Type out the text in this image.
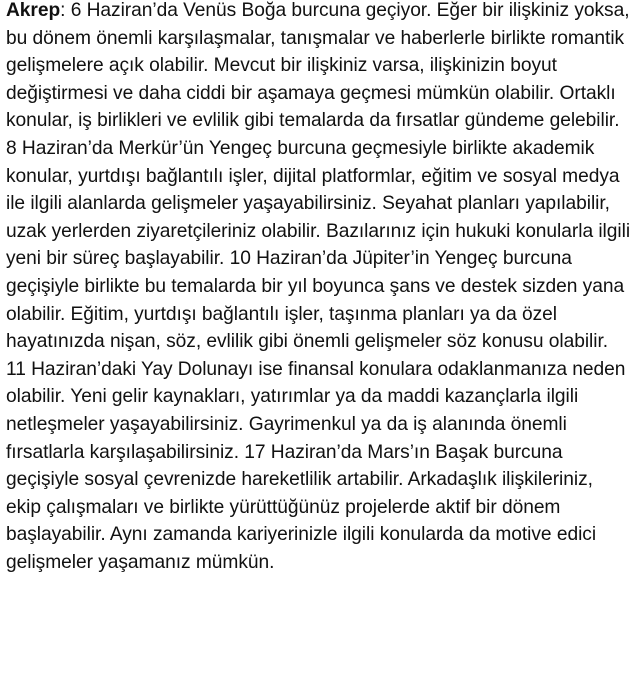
Akrep: 6 Haziran’da Venüs Boğa burcuna geçiyor. Eğer bir ilişkiniz yoksa, bu dönem önemli karşılaşmalar, tanışmalar ve haberlerle birlikte romantik gelişmelere açık olabilir. Mevcut bir ilişkiniz varsa, ilişkinizin boyut değiştirmesi ve daha ciddi bir aşamaya geçmesi mümkün olabilir. Ortaklı konular, iş birlikleri ve evlilik gibi temalarda da fırsatlar gündeme gelebilir. 8 Haziran’da Merkür’ün Yengeç burcuna geçmesiyle birlikte akademik konular, yurtdışı bağlantılı işler, dijital platformlar, eğitim ve sosyal medya ile ilgili alanlarda gelişmeler yaşayabilirsiniz. Seyahat planları yapılabilir, uzak yerlerden ziyaretçileriniz olabilir. Bazılarınız için hukuki konularla ilgili yeni bir süreç başlayabilir. 10 Haziran’da Jüpiter’in Yengeç burcuna geçişiyle birlikte bu temalarda bir yıl boyunca şans ve destek sizden yana olabilir. Eğitim, yurtdışı bağlantılı işler, taşınma planları ya da özel hayatınızda nişan, söz, evlilik gibi önemli gelişmeler söz konusu olabilir.

11 Haziran’daki Yay Dolunayı ise finansal konulara odaklanmanıza neden olabilir. Yeni gelir kaynakları, yatırımlar ya da maddi kazançlarla ilgili netleşmeler yaşayabilirsiniz. Gayrimenkul ya da iş alanında önemli fırsatlarla karşılaşabilirsiniz. 17 Haziran’da Mars’ın Başak burcuna geçişiyle sosyal çevrenizde hareketlilik artabilir. Arkadaşlık ilişkileriniz, ekip çalışmaları ve birlikte yürüttüğünüz projelerde aktif bir dönem başlayabilir. Aynı zamanda kariyerinizle ilgili konularda da motive edici gelişmeler yaşamanız mümkün.
